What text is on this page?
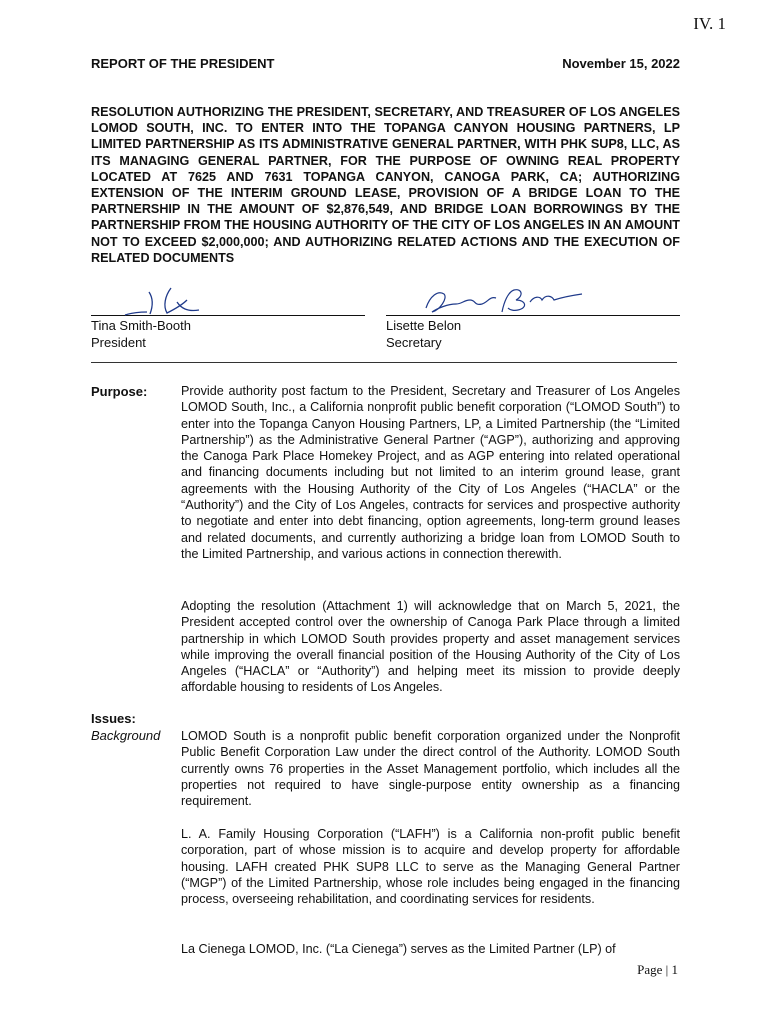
IV. 1
REPORT OF THE PRESIDENT	November 15, 2022

RESOLUTION AUTHORIZING THE PRESIDENT, SECRETARY, AND TREASURER OF LOS ANGELES LOMOD SOUTH, INC. TO ENTER INTO THE TOPANGA CANYON HOUSING PARTNERS, LP LIMITED PARTNERSHIP AS ITS ADMINISTRATIVE GENERAL PARTNER, WITH PHK SUP8, LLC, AS ITS MANAGING GENERAL PARTNER, FOR THE PURPOSE OF OWNING REAL PROPERTY LOCATED AT 7625 AND 7631 TOPANGA CANYON, CANOGA PARK, CA; AUTHORIZING EXTENSION OF THE INTERIM GROUND LEASE, PROVISION OF A BRIDGE LOAN TO THE PARTNERSHIP IN THE AMOUNT OF $2,876,549, AND BRIDGE LOAN BORROWINGS BY THE PARTNERSHIP FROM THE HOUSING AUTHORITY OF THE CITY OF LOS ANGELES IN AN AMOUNT NOT TO EXCEED $2,000,000; AND AUTHORIZING RELATED ACTIONS AND THE EXECUTION OF RELATED DOCUMENTS

Tina Smith-Booth
President
Lisette Belon
Secretary
Purpose:	Provide authority post factum to the President, Secretary and Treasurer of Los Angeles LOMOD South, Inc., a California nonprofit public benefit corporation (“LOMOD South”) to enter into the Topanga Canyon Housing Partners, LP, a Limited Partnership (the “Limited Partnership”) as the Administrative General Partner (“AGP”), authorizing and approving the Canoga Park Place Homekey Project, and as AGP entering into related operational and financing documents including but not limited to an interim ground lease, grant agreements with the Housing Authority of the City of Los Angeles (“HACLA” or the “Authority”) and the City of Los Angeles, contracts for services and prospective authority to negotiate and enter into debt financing, option agreements, long-term ground leases and related documents, and currently authorizing a bridge loan from LOMOD South to the Limited Partnership, and various actions in connection therewith.

Adopting the resolution (Attachment 1) will acknowledge that on March 5, 2021, the President accepted control over the ownership of Canoga Park Place through a limited partnership in which LOMOD South provides property and asset management services while improving the overall financial position of the Housing Authority of the City of Los Angeles (“HACLA” or “Authority”) and helping meet its mission to provide deeply affordable housing to residents of Los Angeles.

Issues:
Background LOMOD South is a nonprofit public benefit corporation organized under the Nonprofit Public Benefit Corporation Law under the direct control of the Authority. LOMOD South currently owns 76 properties in the Asset Management portfolio, which includes all the properties not required to have single-purpose entity ownership as a financing requirement.

L. A. Family Housing Corporation (“LAFH”) is a California non-profit public benefit corporation, part of whose mission is to acquire and develop property for affordable housing. LAFH created PHK SUP8 LLC to serve as the Managing General Partner (“MGP”) of the Limited Partnership, whose role includes being engaged in the financing process, overseeing rehabilitation, and coordinating services for residents.

La Cienega LOMOD, Inc. (“La Cienega”) serves as the Limited Partner (LP) of

Page | 1
